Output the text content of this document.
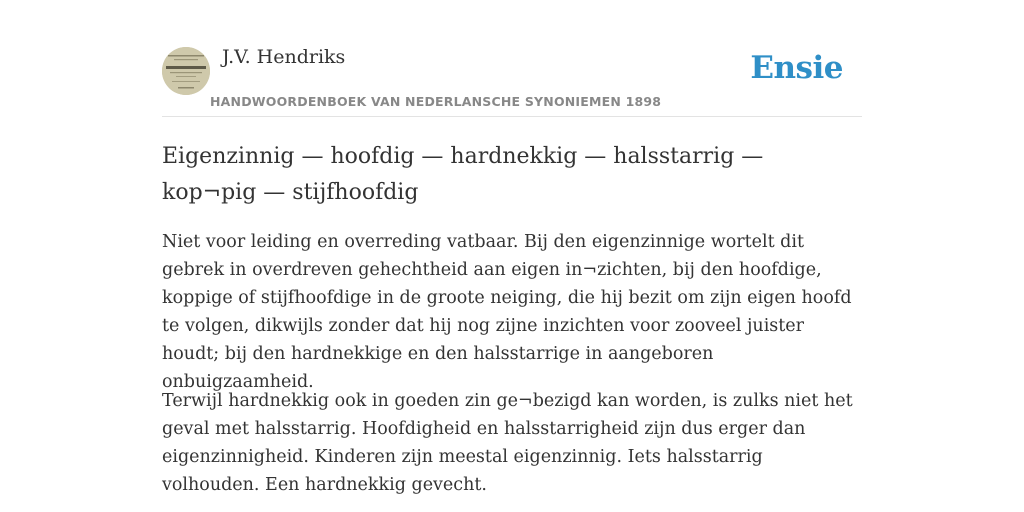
J.V. Hendriks
HANDWOORDENBOEK VAN NEDERLANSCHE SYNONIEMEN 1898
Ensie
Eigenzinnig — hoofdig — hardnekkig — halsstarrig — kop¬pig — stijfhoofdig

Niet voor leiding en overreding vatbaar. Bij den eigenzinnige wortelt dit gebrek in overdreven gehechtheid aan eigen in¬zichten, bij den hoofdige, koppige of stijfhoofdige in de groote neiging, die hij bezit om zijn eigen hoofd te volgen, dikwijls zonder dat hij nog zijne inzichten voor zooveel juister houdt; bij den hardnekkige en den halsstarrige in aangeboren onbuigzaamheid.

Terwijl hardnekkig ook in goeden zin ge¬bezigd kan worden, is zulks niet het geval met halsstarrig. Hoofdigheid en halsstarrigheid zijn dus erger dan eigenzinnigheid. Kinderen zijn meestal eigenzinnig. Iets halsstarrig volhouden. Een hardnekkig gevecht.
